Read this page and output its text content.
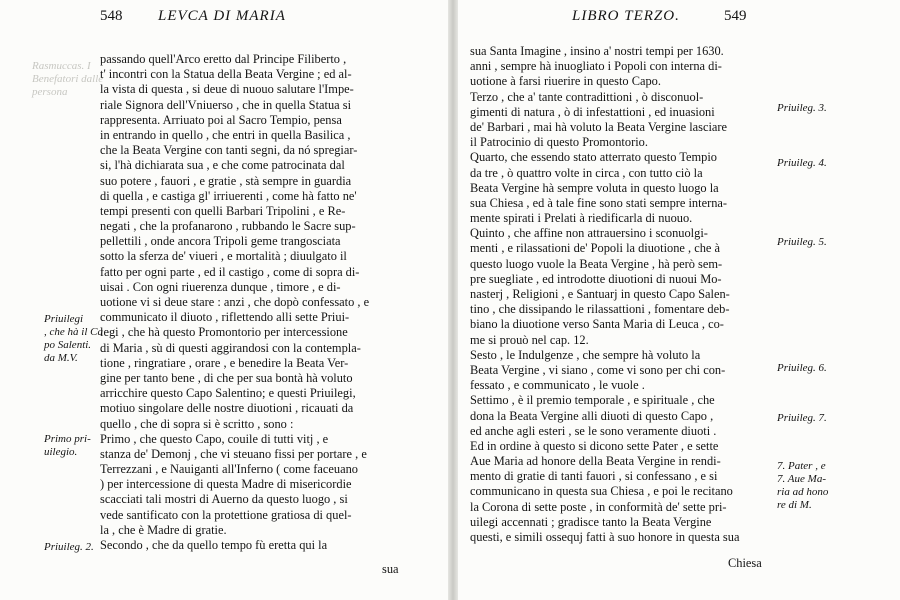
548 LEVCA DI MARIA
Rasmuccas. I
Benefatori dalle
persona
passando quell'Arco eretto dal Principe Filiberto ,
t' incontri con la Statua della Beata Vergine ; ed al-
la vista di questa , si deue di nuouo salutare l'Impe-
riale Signora dell'Vniuerso , che in quella Statua si
rappresenta. Arriuato poi al Sacro Tempio, pensa
in entrando in quello , che entri in quella Basilica ,
che la Beata Vergine con tanti segni, da nó spregiar-
si, l'hà dichiarata sua , e che come patrocinata dal
suo potere , fauori , e gratie , stà sempre in guardia
di quella , e castiga gl' irriuerenti , come hà fatto ne'
tempi presenti con quelli Barbari Tripolini , e Re-
negati , che la profanarono , rubbando le Sacre sup-
pellettili , onde ancora Tripoli geme trangosciata
sotto la sferza de' viueri , e mortalità ; diuulgato il
fatto per ogni parte , ed il castigo , come di sopra di-
uisai . Con ogni riuerenza dunque , timore , e di-
uotione vi si deue stare : anzi , che dopò confessato , e
communicato il diuoto , riflettendo alli sette Priui-
legi , che hà questo Promontorio per intercessione
di Maria , sù di questi aggirandosi con la contempla-
tione , ringratiare , orare , e benedire la Beata Ver-
gine per tanto bene , di che per sua bontà hà voluto
arricchire questo Capo Salentino; e questi Priuilegi,
motiuo singolare delle nostre diuotioni , ricauati da
quello , che di sopra si è scritto , sono :
Primo , che questo Capo, couile di tutti vitj , e
stanza de' Demonj , che vi steuano fissi per portare , e
Terrezzani , e Nauiganti all'Inferno ( come faceuano
) per intercessione di questa Madre di misericordie
scacciati tali mostri di Auerno da questo luogo , si
vede santificato con la protettione gratiosa di quel-
la , che è Madre di gratie.
Secondo , che da quello tempo fù eretta qui la
Priuilegi
, che hà il Ca
po Salenti.
da M.V.
Primo pri-
uilegio.
Priuileg. 2.
sua
LIBRO TERZO.	549
sua Santa Imagine , insino a' nostri tempi per 1630.
anni , sempre hà inuogliato i Popoli con interna di-
uotione à farsi riuerire in questo Capo.
Terzo , che a' tante contradittioni , ò disconuol-
gimenti di natura , ò di infestattioni , ed inuasioni
de' Barbari , mai hà voluto la Beata Vergine lasciare
il Patrocinio di questo Promontorio.
Quarto, che essendo stato atterrato questo Tempio
da tre , ò quattro volte in circa , con tutto ciò la
Beata Vergine hà sempre voluta in questo luogo la
sua Chiesa , ed à tale fine sono stati sempre interna-
mente spirati i Prelati à riedificarla di nuouo.
Quinto , che affine non attrauersino i sconuolgi-
menti , e rilassationi de' Popoli la diuotione , che à
questo luogo vuole la Beata Vergine , hà però sem-
pre suegliate , ed introdotte diuotioni di nuoui Mo-
nasterj , Religioni , e Santuarj in questo Capo Salen-
tino , che dissipando le rilassattioni , fomentare deb-
biano la diuotione verso Santa Maria di Leuca , co-
me si prouò nel cap. 12.
Sesto , le Indulgenze , che sempre hà voluto la
Beata Vergine , vi siano , come vi sono per chi con-
fessato , e communicato , le vuole .
Settimo , è il premio temporale , e spirituale , che
dona la Beata Vergine alli diuoti di questo Capo ,
ed anche agli esteri , se le sono veramente diuoti .
Ed in ordine à questo si dicono sette Pater , e sette
Aue Maria ad honore della Beata Vergine in rendi-
mento di gratie di tanti fauori , si confessano , e si
communicano in questa sua Chiesa , e poi le recitano
la Corona di sette poste , in conformità de' sette pri-
uilegi accennati ; gradisce tanto la Beata Vergine
questi, e simili ossequj fatti à suo honore in questa sua
Priuileg. 3.
Priuileg. 4.
Priuileg. 5.
Priuileg. 6.
Priuileg. 7.
7. Pater , e
7. Aue Ma-
ria ad hono
re di M.
Chiesa
